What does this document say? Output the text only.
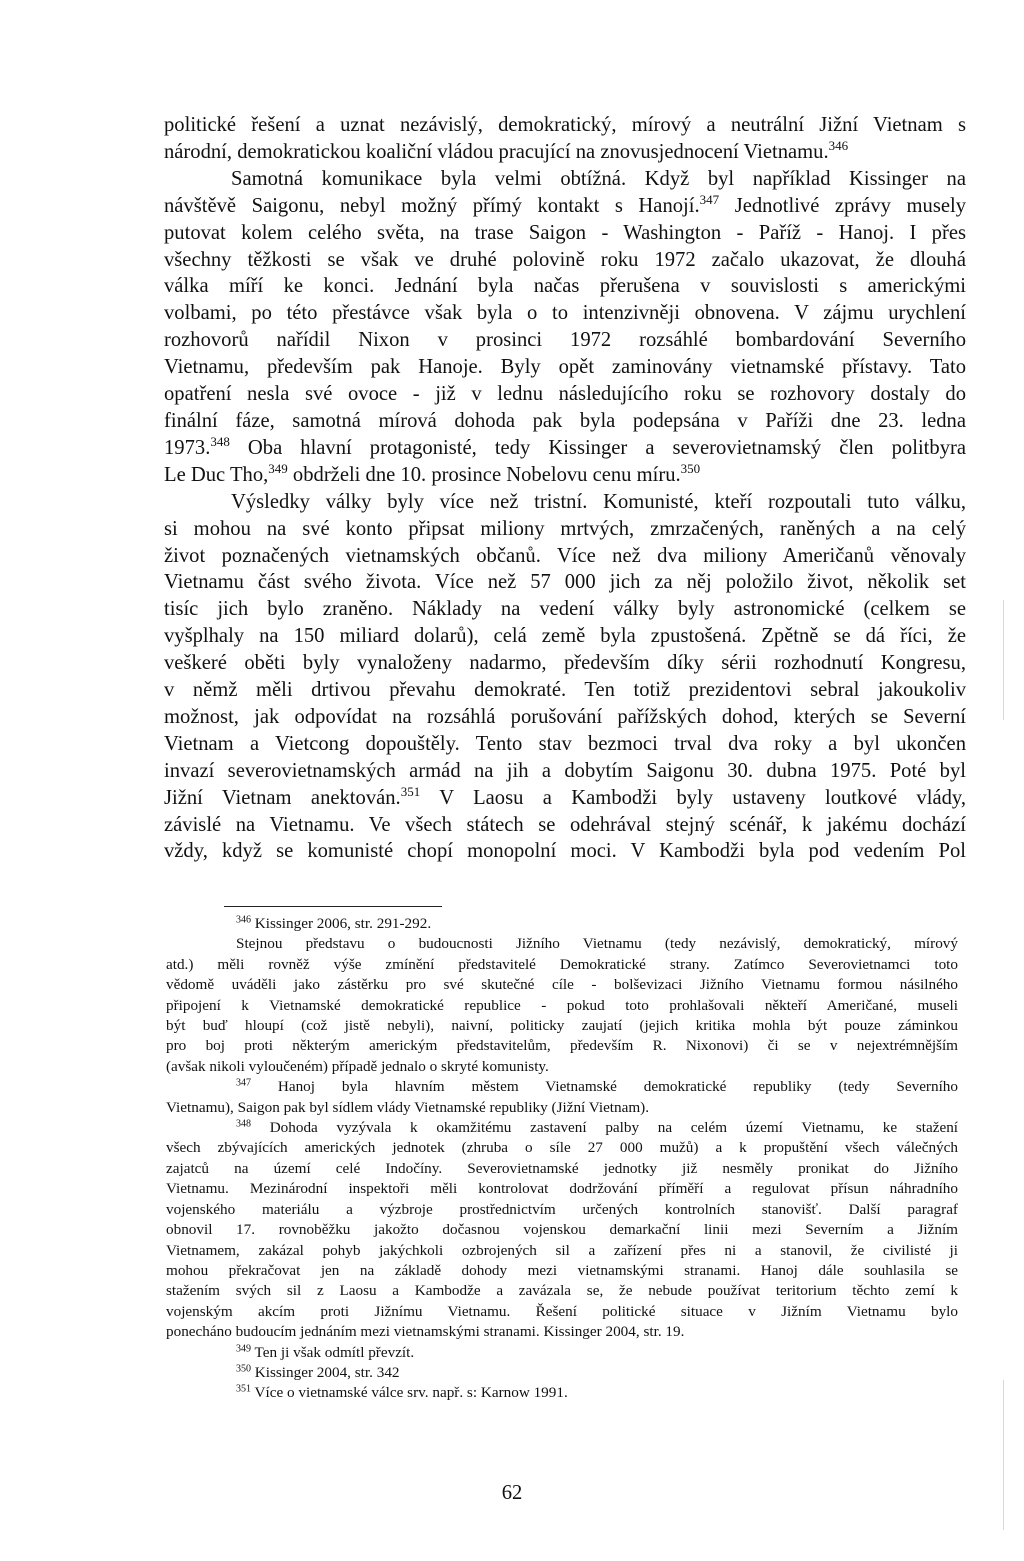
politické řešení a uznat nezávislý, demokratický, mírový a neutrální Jižní Vietnam s
národní, demokratickou koaliční vládou pracující na znovusjednocení Vietnamu.$^{346}$
Samotná komunikace byla velmi obtížná. Když byl například Kissinger na
návštěvě Saigonu, nebyl možný přímý kontakt s Hanojí.$^{347}$ Jednotlivé zprávy musely
putovat kolem celého světa, na trase Saigon - Washington - Paříž - Hanoj. I přes
všechny těžkosti se však ve druhé polovině roku 1972 začalo ukazovat, že dlouhá
válka míří ke konci. Jednání byla načas přerušena v souvislosti s americkými
volbami, po této přestávce však byla o to intenzivněji obnovena. V zájmu urychlení
rozhovorů nařídil Nixon v prosinci 1972 rozsáhlé bombardování Severního
Vietnamu, především pak Hanoje. Byly opět zaminovány vietnamské přístavy. Tato
opatření nesla své ovoce - již v lednu následujícího roku se rozhovory dostaly do
finální fáze, samotná mírová dohoda pak byla podepsána v Paříži dne 23. ledna
1973.$^{348}$ Oba hlavní protagonisté, tedy Kissinger a severovietnamský člen politbyra
Le Duc Tho,$^{349}$ obdrželi dne 10. prosince Nobelovu cenu míru.$^{350}$
Výsledky války byly více než tristní. Komunisté, kteří rozpoutali tuto válku,
si mohou na své konto připsat miliony mrtvých, zmrzačených, raněných a na celý
život poznačených vietnamských občanů. Více než dva miliony Američanů věnovaly
Vietnamu část svého života. Více než 57 000 jich za něj položilo život, několik set
tisíc jich bylo zraněno. Náklady na vedení války byly astronomické (celkem se
vyšplhaly na 150 miliard dolarů), celá země byla zpustošená. Zpětně se dá říci, že
veškeré oběti byly vynaloženy nadarmo, především díky sérii rozhodnutí Kongresu,
v němž měli drtivou převahu demokraté. Ten totiž prezidentovi sebral jakoukoliv
možnost, jak odpovídat na rozsáhlá porušování pařížských dohod, kterých se Severní
Vietnam a Vietcong dopouštěly. Tento stav bezmoci trval dva roky a byl ukončen
invazí severovietnamských armád na jih a dobytím Saigonu 30. dubna 1975. Poté byl
Jižní Vietnam anektován.$^{351}$ V Laosu a Kambodži byly ustaveny loutkové vlády,
závislé na Vietnamu. Ve všech státech se odehrával stejný scénář, k jakému dochází
vždy, když se komunisté chopí monopolní moci. V Kambodži byla pod vedením Pol
$^{346}$ Kissinger 2006, str. 291-292.
Stejnou představu o budoucnosti Jižního Vietnamu (tedy nezávislý, demokratický, mírový
atd.) měli rovněž výše zmínění představitelé Demokratické strany. Zatímco Severovietnamci toto
vědomě uváděli jako zástěrku pro své skutečné cíle - bolševizaci Jižního Vietnamu formou násilného
připojení k Vietnamské demokratické republice - pokud toto prohlašovali někteří Američané, museli
být buď hloupí (což jistě nebyli), naivní, politicky zaujatí (jejich kritika mohla být pouze záminkou
pro boj proti některým americkým představitelům, především R. Nixonovi) či se v nejextrémnějším
(avšak nikoli vyloučeném) případě jednalo o skryté komunisty.
$^{347}$ Hanoj byla hlavním městem Vietnamské demokratické republiky (tedy Severního
Vietnamu), Saigon pak byl sídlem vlády Vietnamské republiky (Jižní Vietnam).
$^{348}$ Dohoda vyzývala k okamžitému zastavení palby na celém území Vietnamu, ke stažení
všech zbývajících amerických jednotek (zhruba o síle 27 000 mužů) a k propuštění všech válečných
zajatců na území celé Indočíny. Severovietnamské jednotky již nesměly pronikat do Jižního
Vietnamu. Mezinárodní inspektoři měli kontrolovat dodržování příměří a regulovat přísun náhradního
vojenského materiálu a výzbroje prostřednictvím určených kontrolních stanovišť. Další paragraf
obnovil 17. rovnoběžku jakožto dočasnou vojenskou demarkační linii mezi Severním a Jižním
Vietnamem, zakázal pohyb jakýchkoli ozbrojených sil a zařízení přes ni a stanovil, že civilisté ji
mohou překračovat jen na základě dohody mezi vietnamskými stranami. Hanoj dále souhlasila se
stažením svých sil z Laosu a Kambodže a zavázala se, že nebude používat teritorium těchto zemí k
vojenským akcím proti Jižnímu Vietnamu. Řešení politické situace v Jižním Vietnamu bylo
ponecháno budoucím jednáním mezi vietnamskými stranami. Kissinger 2004, str. 19.
$^{349}$ Ten ji však odmítl převzít.
$^{350}$ Kissinger 2004, str. 342
$^{351}$ Více o vietnamské válce srv. např. s: Karnow 1991.
62
